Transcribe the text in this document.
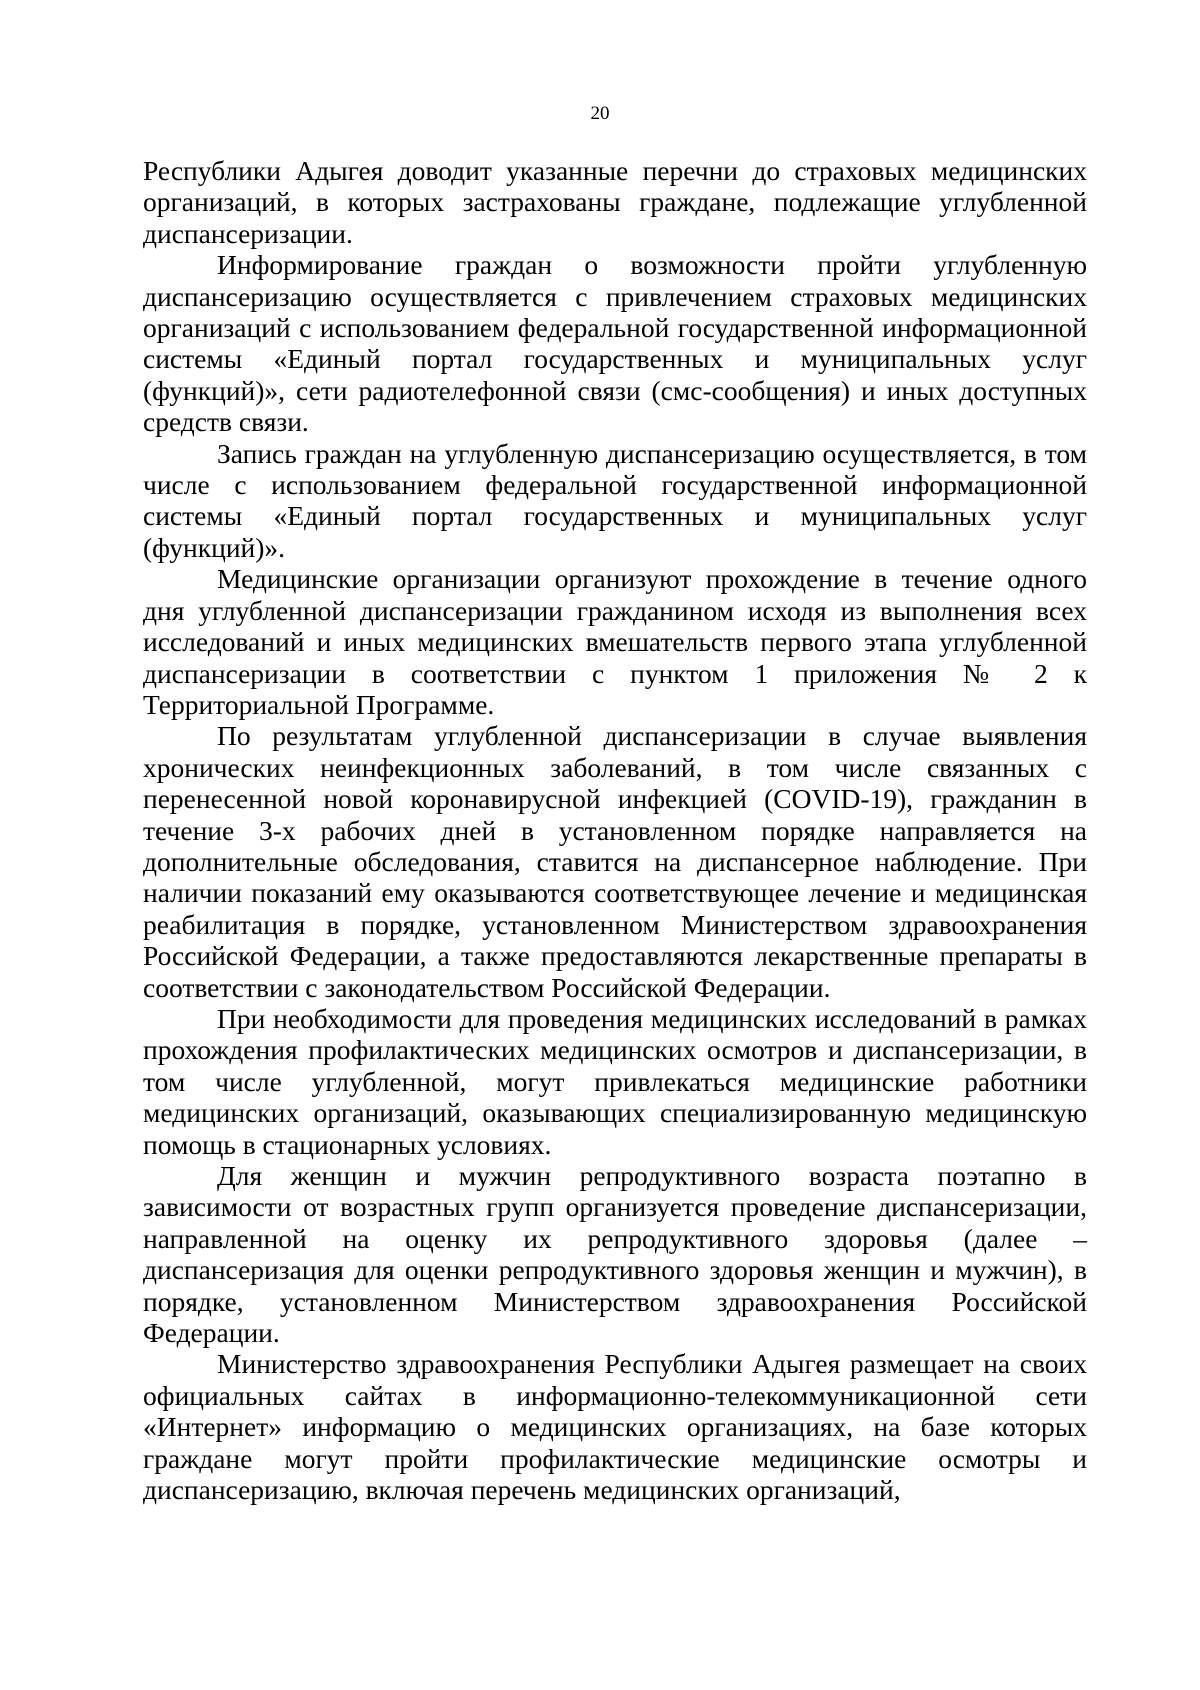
20

Республики Адыгея доводит указанные перечни до страховых медицинских организаций, в которых застрахованы граждане, подлежащие углубленной диспансеризации.

Информирование граждан о возможности пройти углубленную диспансеризацию осуществляется с привлечением страховых медицинских организаций с использованием федеральной государственной информационной системы «Единый портал государственных и муниципальных услуг (функций)», сети радиотелефонной связи (смс-сообщения) и иных доступных средств связи.

Запись граждан на углубленную диспансеризацию осуществляется, в том числе с использованием федеральной государственной информационной системы «Единый портал государственных и муниципальных услуг (функций)».

Медицинские организации организуют прохождение в течение одного дня углубленной диспансеризации гражданином исходя из выполнения всех исследований и иных медицинских вмешательств первого этапа углубленной диспансеризации в соответствии с пунктом 1 приложения № 2 к Территориальной Программе.

По результатам углубленной диспансеризации в случае выявления хронических неинфекционных заболеваний, в том числе связанных с перенесенной новой коронавирусной инфекцией (COVID-19), гражданин в течение 3-х рабочих дней в установленном порядке направляется на дополнительные обследования, ставится на диспансерное наблюдение. При наличии показаний ему оказываются соответствующее лечение и медицинская реабилитация в порядке, установленном Министерством здравоохранения Российской Федерации, а также предоставляются лекарственные препараты в соответствии с законодательством Российской Федерации.

При необходимости для проведения медицинских исследований в рамках прохождения профилактических медицинских осмотров и диспансеризации, в том числе углубленной, могут привлекаться медицинские работники медицинских организаций, оказывающих специализированную медицинскую помощь в стационарных условиях.

Для женщин и мужчин репродуктивного возраста поэтапно в зависимости от возрастных групп организуется проведение диспансеризации, направленной на оценку их репродуктивного здоровья (далее – диспансеризация для оценки репродуктивного здоровья женщин и мужчин), в порядке, установленном Министерством здравоохранения Российской Федерации.

Министерство здравоохранения Республики Адыгея размещает на своих официальных сайтах в информационно-телекоммуникационной сети «Интернет» информацию о медицинских организациях, на базе которых граждане могут пройти профилактические медицинские осмотры и диспансеризацию, включая перечень медицинских организаций,
